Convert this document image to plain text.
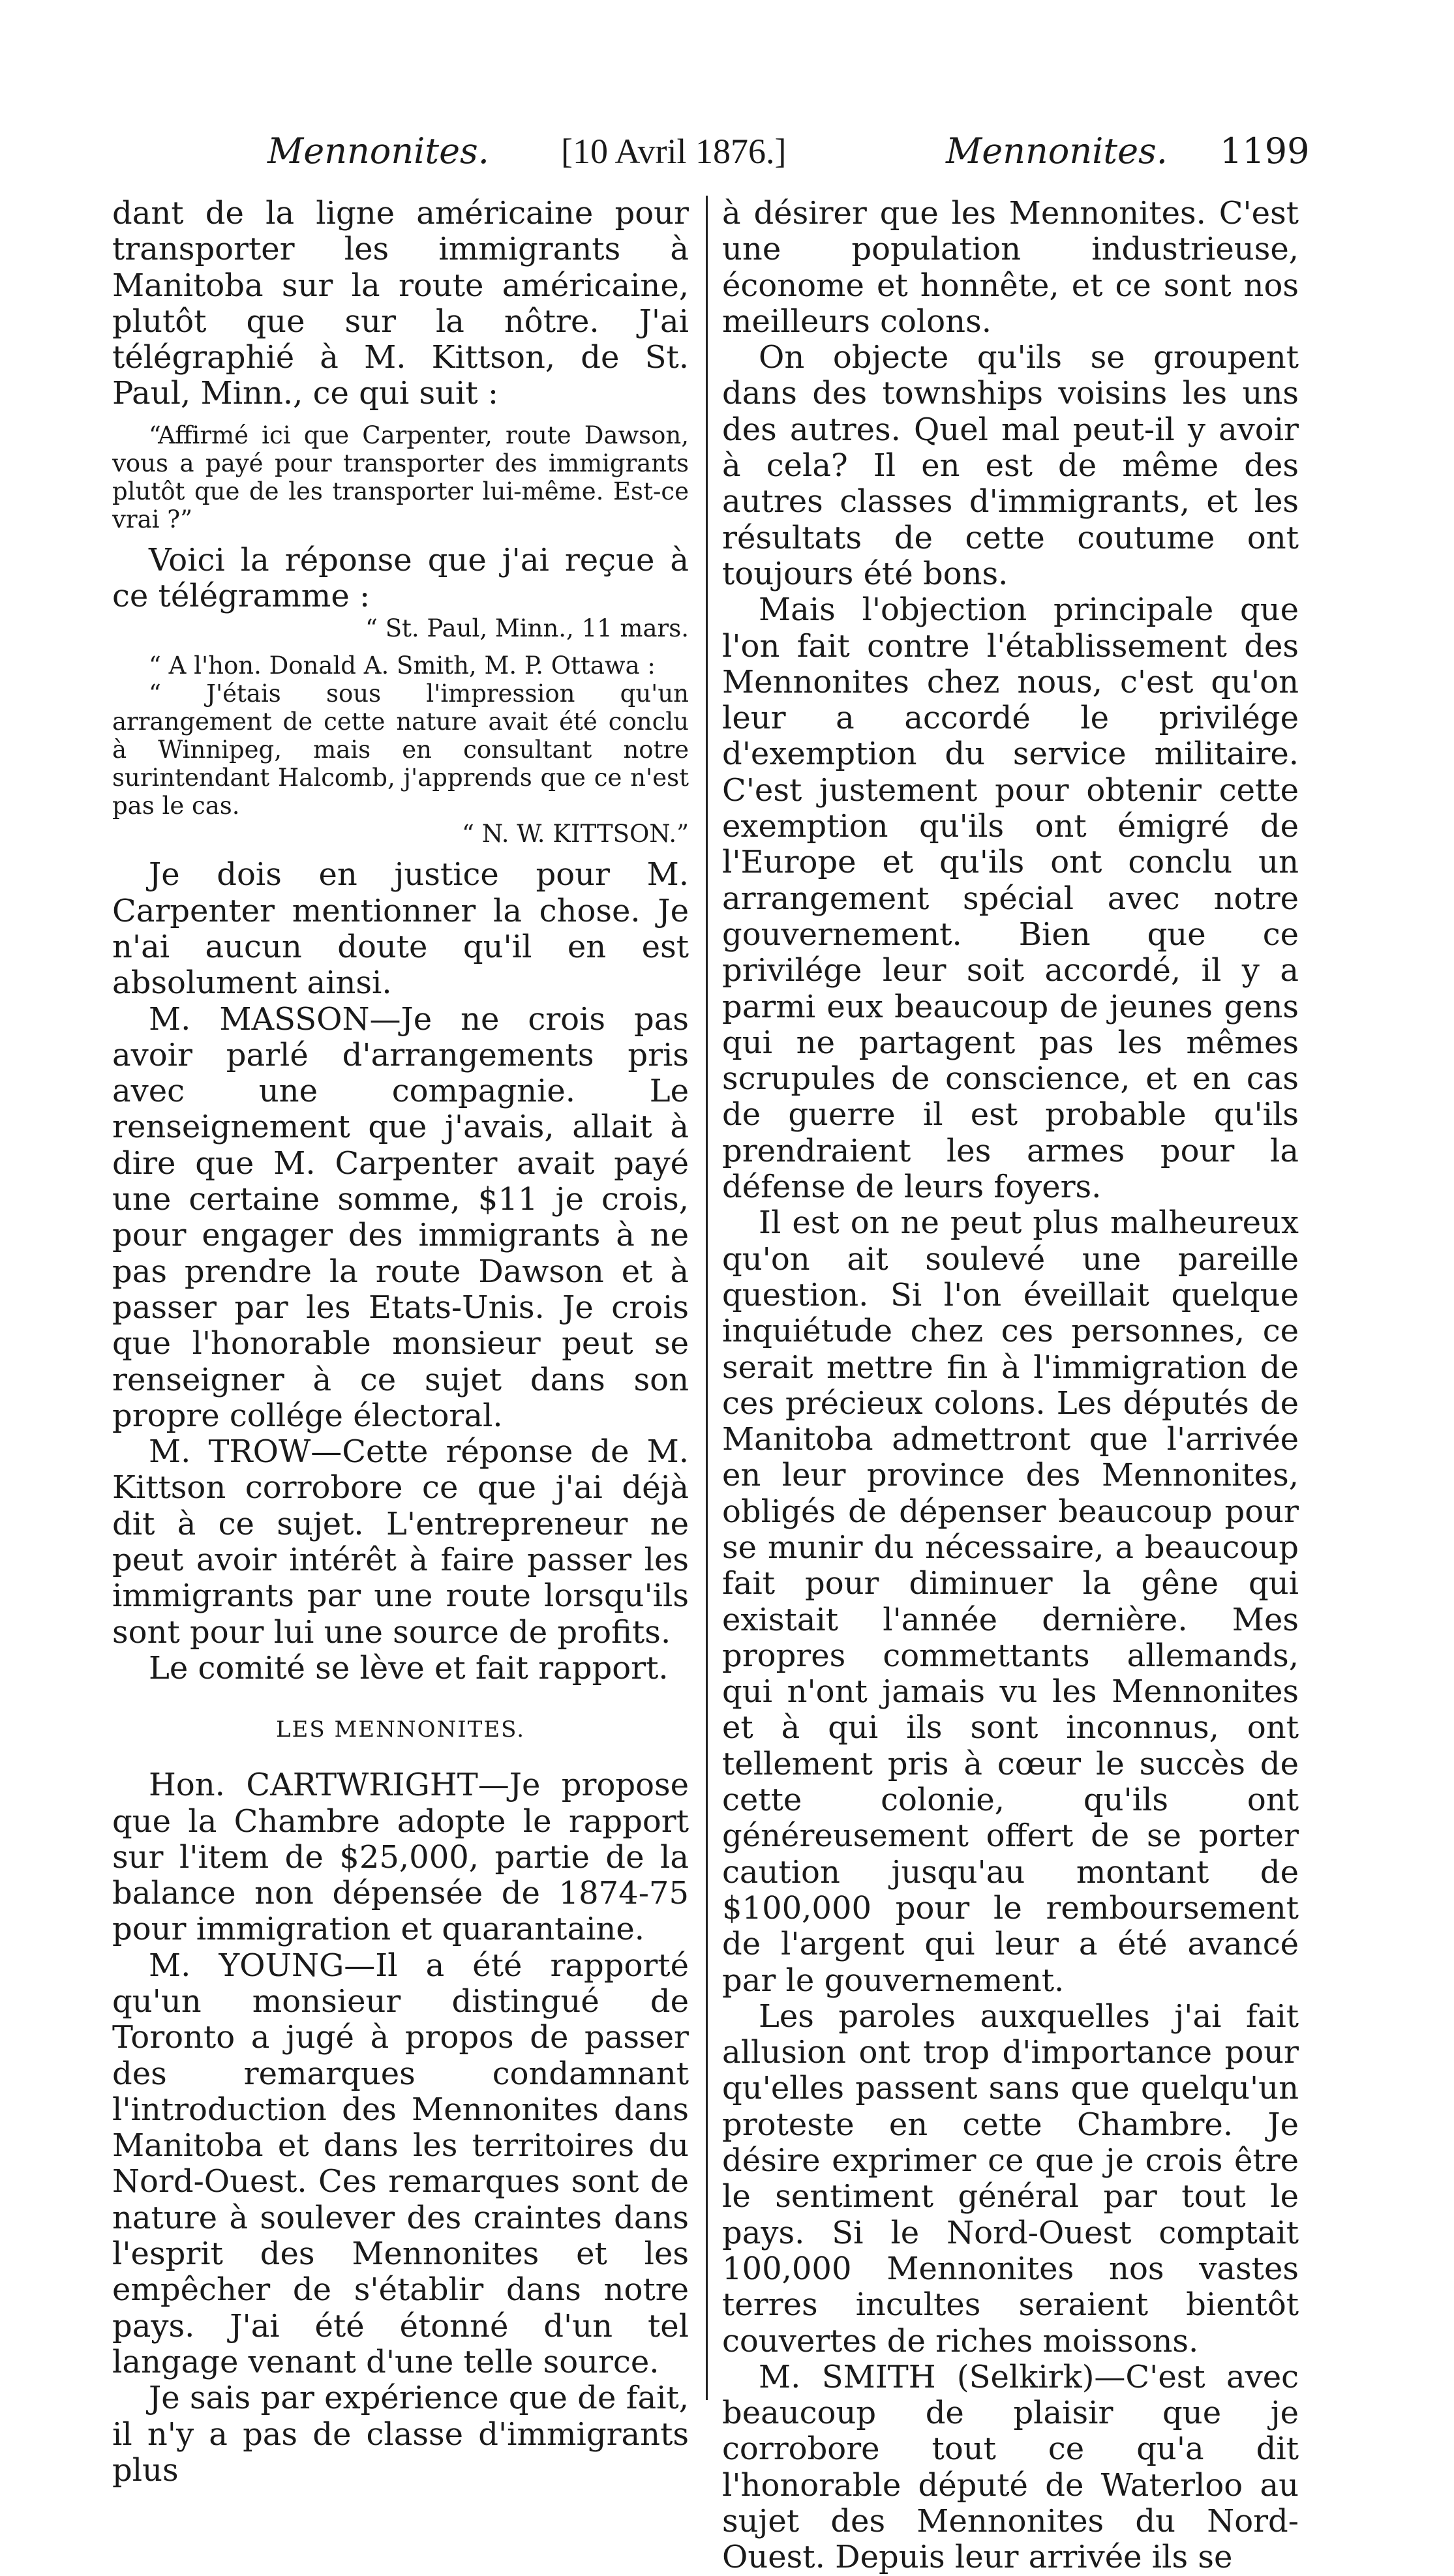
Mennonites. [10 Avril 1876.]	Mennonites. 1199

dant de la ligne américaine pour transporter les immigrants à Manitoba sur la route américaine, plutôt que sur la nôtre. J'ai télégraphié à M. Kittson, de St. Paul, Minn., ce qui suit :

“Affirmé ici que Carpenter, route Dawson, vous a payé pour transporter des immigrants plutôt que de les transporter lui-même. Est-ce vrai ?”

Voici la réponse que j'ai reçue à ce télégramme :

“ St. Paul, Minn., 11 mars.

“ A l'hon. Donald A. Smith, M. P. Ottawa :

“ J'étais sous l'impression qu'un arrangement de cette nature avait été conclu à Winnipeg, mais en consultant notre surintendant Halcomb, j'apprends que ce n'est pas le cas.

“ N. W. KITTSON.”

Je dois en justice pour M. Carpenter mentionner la chose. Je n'ai aucun doute qu'il en est absolument ainsi.

M. MASSON—Je ne crois pas avoir parlé d'arrangements pris avec une compagnie. Le renseignement que j'avais, allait à dire que M. Carpenter avait payé une certaine somme, $11 je crois, pour engager des immigrants à ne pas prendre la route Dawson et à passer par les Etats-Unis. Je crois que l'honorable monsieur peut se renseigner à ce sujet dans son propre collége électoral.

M. TROW—Cette réponse de M. Kittson corrobore ce que j'ai déjà dit à ce sujet. L'entrepreneur ne peut avoir intérêt à faire passer les immigrants par une route lorsqu'ils sont pour lui une source de profits.

Le comité se lève et fait rapport.

LES MENNONITES.

Hon. CARTWRIGHT—Je propose que la Chambre adopte le rapport sur l'item de $25,000, partie de la balance non dépensée de 1874-75 pour immigration et quarantaine.

M. YOUNG—Il a été rapporté qu'un monsieur distingué de Toronto a jugé à propos de passer des remarques condamnant l'introduction des Mennonites dans Manitoba et dans les territoires du Nord-Ouest. Ces remarques sont de nature à soulever des craintes dans l'esprit des Mennonites et les empêcher de s'établir dans notre pays. J'ai été étonné d'un tel langage venant d'une telle source.

Je sais par expérience que de fait, il n'y a pas de classe d'immigrants plus

à désirer que les Mennonites. C'est une population industrieuse, économe et honnête, et ce sont nos meilleurs colons.

On objecte qu'ils se groupent dans des townships voisins les uns des autres. Quel mal peut-il y avoir à cela? Il en est de même des autres classes d'immigrants, et les résultats de cette coutume ont toujours été bons.

Mais l'objection principale que l'on fait contre l'établissement des Mennonites chez nous, c'est qu'on leur a accordé le privilége d'exemption du service militaire. C'est justement pour obtenir cette exemption qu'ils ont émigré de l'Europe et qu'ils ont conclu un arrangement spécial avec notre gouvernement. Bien que ce privilége leur soit accordé, il y a parmi eux beaucoup de jeunes gens qui ne partagent pas les mêmes scrupules de conscience, et en cas de guerre il est probable qu'ils prendraient les armes pour la défense de leurs foyers.

Il est on ne peut plus malheureux qu'on ait soulevé une pareille question. Si l'on éveillait quelque inquiétude chez ces personnes, ce serait mettre fin à l'immigration de ces précieux colons. Les députés de Manitoba admettront que l'arrivée en leur province des Mennonites, obligés de dépenser beaucoup pour se munir du nécessaire, a beaucoup fait pour diminuer la gêne qui existait l'année dernière. Mes propres commettants allemands, qui n'ont jamais vu les Mennonites et à qui ils sont inconnus, ont tellement pris à cœur le succès de cette colonie, qu'ils ont généreusement offert de se porter caution jusqu'au montant de $100,000 pour le remboursement de l'argent qui leur a été avancé par le gouvernement.

Les paroles auxquelles j'ai fait allusion ont trop d'importance pour qu'elles passent sans que quelqu'un proteste en cette Chambre. Je désire exprimer ce que je crois être le sentiment général par tout le pays. Si le Nord-Ouest comptait 100,000 Mennonites nos vastes terres incultes seraient bientôt couvertes de riches moissons.

M. SMITH (Selkirk)—C'est avec beaucoup de plaisir que je corrobore tout ce qu'a dit l'honorable député de Waterloo au sujet des Mennonites du Nord-Ouest. Depuis leur arrivée ils se
